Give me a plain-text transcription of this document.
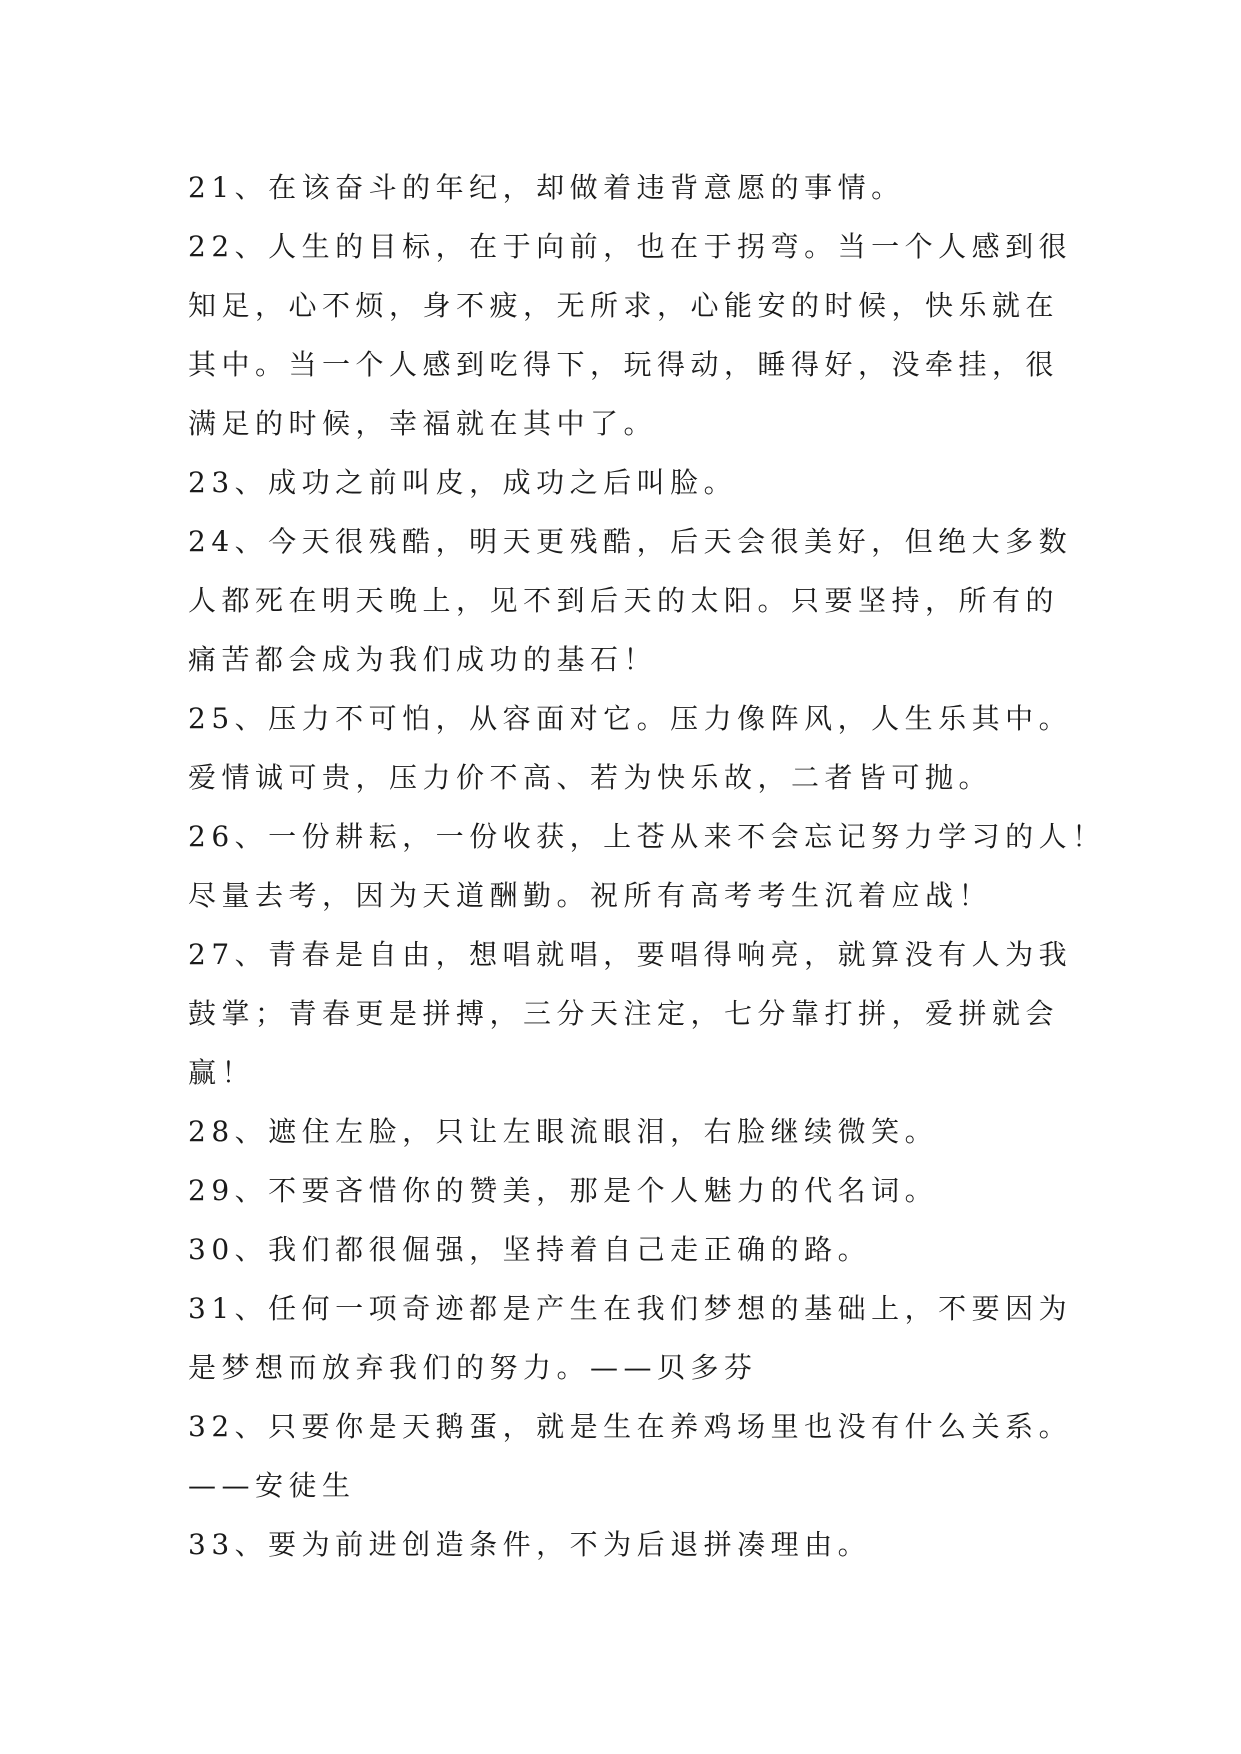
21、在该奋斗的年纪，却做着违背意愿的事情。
22、人生的目标，在于向前，也在于拐弯。当一个人感到很
知足，心不烦，身不疲，无所求，心能安的时候，快乐就在
其中。当一个人感到吃得下，玩得动，睡得好，没牵挂，很
满足的时候，幸福就在其中了。
23、成功之前叫皮，成功之后叫脸。
24、今天很残酷，明天更残酷，后天会很美好，但绝大多数
人都死在明天晚上，见不到后天的太阳。只要坚持，所有的
痛苦都会成为我们成功的基石！
25、压力不可怕，从容面对它。压力像阵风，人生乐其中。
爱情诚可贵，压力价不高、若为快乐故，二者皆可抛。
26、一份耕耘，一份收获，上苍从来不会忘记努力学习的人！
尽量去考，因为天道酬勤。祝所有高考考生沉着应战！
27、青春是自由，想唱就唱，要唱得响亮，就算没有人为我
鼓掌；青春更是拼搏，三分天注定，七分靠打拼，爱拼就会
赢！
28、遮住左脸，只让左眼流眼泪，右脸继续微笑。
29、不要吝惜你的赞美，那是个人魅力的代名词。
30、我们都很倔强，坚持着自己走正确的路。
31、任何一项奇迹都是产生在我们梦想的基础上，不要因为
是梦想而放弃我们的努力。——贝多芬
32、只要你是天鹅蛋，就是生在养鸡场里也没有什么关系。
——安徒生
33、要为前进创造条件，不为后退拼凑理由。
